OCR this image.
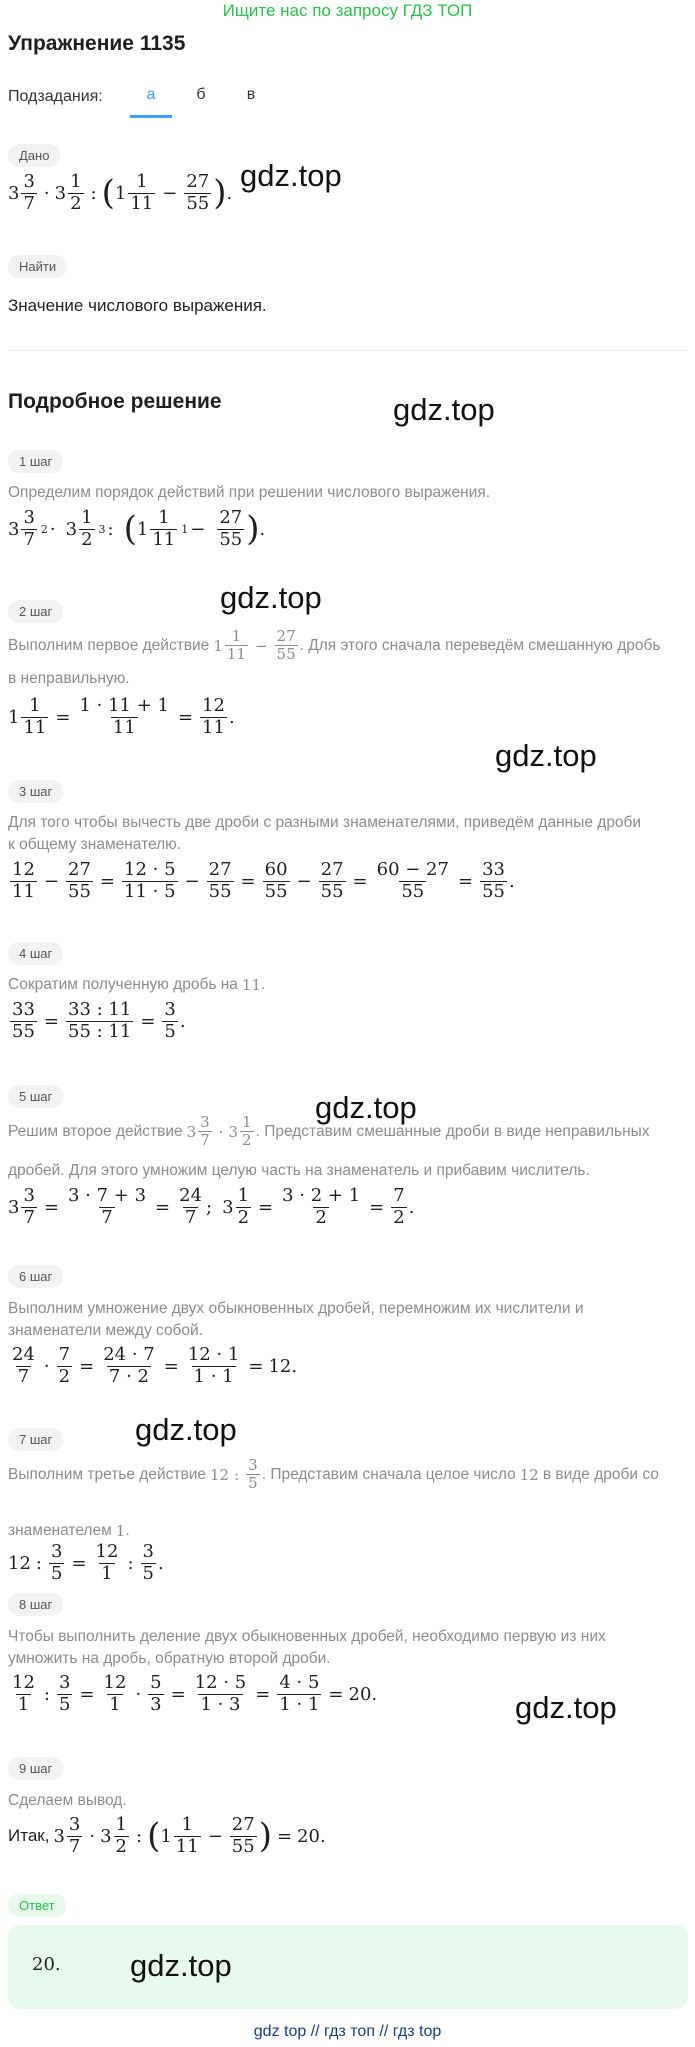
Ищите нас по запросу ГДЗ ТОП
Упражнение 1135
Подзадания:	а	б	в
Дано
$3 \frac{3}{7} \cdot 3 \frac{1}{2}$ : ( $1 \frac{1}{11} - \frac{27}{55}$ ) .
gdz.top
Найти
Значение числового выражения.
Подробное решение	gdz.top
1 шаг
Определим порядок действий при решении числового выражения.
$3 \frac{3}{7} 2 \cdot 3 \frac{1}{2} 3$ : ( $1 \frac{1}{11} 1 - \frac{27}{55}$ ) .
gdz.top
2 шаг
Выполним первое действие $1 \frac{1}{11} - \frac{27}{55}$ . Для этого сначала переведём смешанную дробь
в неправильную.
$1 \frac{1}{11} = \frac{1 \cdot 11 + 1}{11} = \frac{12}{11}$ .
gdz.top
3 шаг
Для того чтобы вычесть две дроби с разными знаменателями, приведём данные дроби
к общему знаменателю.
$\frac{12}{11} - \frac{27}{55} = \frac{12 \cdot 5}{11 \cdot 5} - \frac{27}{55} = \frac{60}{55} - \frac{27}{55} = \frac{60 - 27}{55} = \frac{33}{55}$ .
4 шаг
Сократим полученную дробь на 11 .
$\frac{33}{55} = \frac{33 : 11}{55 : 11} = \frac{3}{5}$ .
gdz.top
5 шаг
Решим второе действие $3 \frac{3}{7} \cdot 3 \frac{1}{2}$ . Представим смешанные дроби в виде неправильных
дробей. Для этого умножим целую часть на знаменатель и прибавим числитель.
$3 \frac{3}{7} = \frac{3 \cdot 7 + 3}{7} = \frac{24}{7}$ ; $3 \frac{1}{2} = \frac{3 \cdot 2 + 1}{2} = \frac{7}{2}$ .
6 шаг
Выполним умножение двух обыкновенных дробей, перемножим их числители и
знаменатели между собой.
$\frac{24}{7} \cdot \frac{7}{2} = \frac{24 \cdot 7}{7 \cdot 2} = \frac{12 \cdot 1}{1 \cdot 1} = 12$.
7 шаг	gdz.top
Выполним третье действие 12 : $\frac{3}{5}$ . Представим сначала целое число 12 в виде дроби со
знаменателем 1 .
12 : $\frac{3}{5} = \frac{12}{1}$ : $\frac{3}{5}$ .
8 шаг
Чтобы выполнить деление двух обыкновенных дробей, необходимо первую из них
умножить на дробь, обратную второй дроби.
$\frac{12}{1}$ : $\frac{3}{5} = \frac{12}{1} \cdot \frac{5}{3} = \frac{12 \cdot 5}{1 \cdot 3} = \frac{4 \cdot 5}{1 \cdot 1} = 20$.	gdz.top
9 шаг
Сделаем вывод.
Итак, $3 \frac{3}{7} \cdot 3 \frac{1}{2}$ : ( $1 \frac{1}{11} - \frac{27}{55}$ ) = 20.
Ответ
20. gdz.top
gdz top // гдз топ // гдз top
